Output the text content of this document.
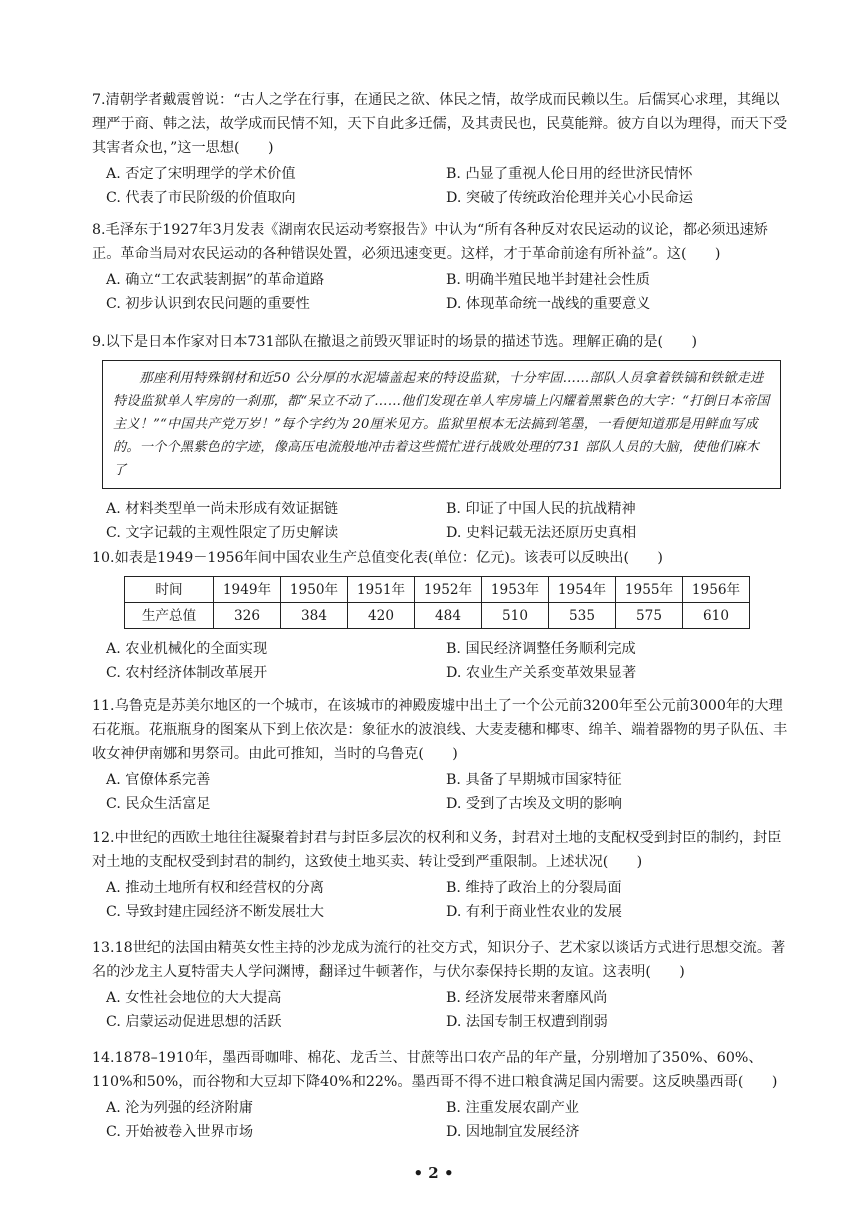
7.清朝学者戴震曾说：“古人之学在行事，在通民之欲、体民之情，故学成而民赖以生。后儒冥心求理，其绳以理严于商、韩之法，故学成而民情不知，天下自此多迁儒，及其责民也，民莫能辩。彼方自以为理得，而天下受其害者众也，”这一思想(　　)
A. 否定了宋明理学的学术价值	B. 凸显了重视人伦日用的经世济民情怀
C. 代表了市民阶级的价值取向	D. 突破了传统政治伦理并关心小民命运
8.毛泽东于1927年3月发表《湖南农民运动考察报告》中认为“所有各种反对农民运动的议论，都必须迅速矫正。革命当局对农民运动的各种错误处置，必须迅速变更。这样，才于革命前途有所补益”。这(　　)
A. 确立“工农武装割据”的革命道路	B. 明确半殖民地半封建社会性质
C. 初步认识到农民问题的重要性	D. 体现革命统一战线的重要意义
9.以下是日本作家对日本731部队在撤退之前毁灭罪证时的场景的描述节选。理解正确的是(　　)
那座利用特殊钢材和近50 公分厚的水泥墙盖起来的特设监狱，十分牢固……部队人员拿着铁镐和铁锨走进特设监狱单人牢房的一刹那，都“呆立不动了……他们发现在单人牢房墙上闪耀着黑紫色的大字：“打倒日本帝国主义！”“中国共产党万岁！”每个字约为 20厘米见方。监狱里根本无法搞到笔墨，一看便知道那是用鲜血写成的。一个个黑紫色的字迹，像高压电流般地冲击着这些慌忙进行战败处理的731 部队人员的大脑，使他们麻木了
A. 材料类型单一尚未形成有效证据链	B. 印证了中国人民的抗战精神
C. 文字记载的主观性限定了历史解读	D. 史料记载无法还原历史真相
10.如表是1949－1956年间中国农业生产总值变化表(单位：亿元)。该表可以反映出(　　)
时间	1949年	1950年	1951年	1952年	1953年	1954年	1955年	1956年
生产总值	326	384	420	484	510	535	575	610
A. 农业机械化的全面实现	B. 国民经济调整任务顺利完成
C. 农村经济体制改革展开	D. 农业生产关系变革效果显著
11.乌鲁克是苏美尔地区的一个城市，在该城市的神殿废墟中出土了一个公元前3200年至公元前3000年的大理石花瓶。花瓶瓶身的图案从下到上依次是：象征水的波浪线、大麦麦穗和椰枣、绵羊、端着器物的男子队伍、丰收女神伊南娜和男祭司。由此可推知，当时的乌鲁克(　　)
A. 官僚体系完善	B. 具备了早期城市国家特征
C. 民众生活富足	D. 受到了古埃及文明的影响
12.中世纪的西欧土地往往凝聚着封君与封臣多层次的权利和义务，封君对土地的支配权受到封臣的制约，封臣对土地的支配权受到封君的制约，这致使土地买卖、转让受到严重限制。上述状况(　　)
A. 推动土地所有权和经营权的分离	B. 维持了政治上的分裂局面
C. 导致封建庄园经济不断发展壮大	D. 有利于商业性农业的发展
13.18世纪的法国由精英女性主持的沙龙成为流行的社交方式，知识分子、艺术家以谈话方式进行思想交流。著名的沙龙主人夏特雷夫人学问渊博，翻译过牛顿著作，与伏尔泰保持长期的友谊。这表明(　　)
A. 女性社会地位的大大提高	B. 经济发展带来奢靡风尚
C. 启蒙运动促进思想的活跃	D. 法国专制王权遭到削弱
14.1878–1910年，墨西哥咖啡、棉花、龙舌兰、甘蔗等出口农产品的年产量，分别增加了350%、60%、110%和50%，而谷物和大豆却下降40%和22%。墨西哥不得不进口粮食满足国内需要。这反映墨西哥(　　)
A. 沦为列强的经济附庸	B. 注重发展农副产业
C. 开始被卷入世界市场	D. 因地制宜发展经济
• 2 •
